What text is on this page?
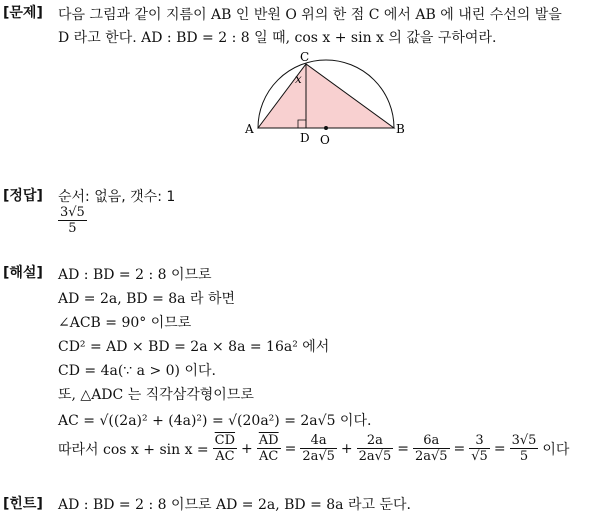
[문제] 다음 그림과 같이 지름이 AB 인 반원 O 위의 한 점 C 에서 AB 에 내린 수선의 발을
D 라고 한다. AD : BD = 2 : 8 일 때, cos x + sin x 의 값을 구하여라.
A	B
C
D O
x
[정답] 순서: 없음, 갯수: 1
$\frac{3√5}{5}$
[해설] AD : BD = 2 : 8 이므로
AD = 2a, BD = 8a 라 하면
∠ACB = 90° 이므로
CD² = AD × BD = 2a × 8a = 16a² 에서
CD = 4a(∵ a > 0) 이다.
또, △ADC 는 직각삼각형이므로
AC = √((2a)² + (4a)²) = √(20a²) = 2a√5 이다.
따라서 $\cos x + \sin x = \frac{\overline{CD}}{AC} + \frac{\overline{AD}}{AC} = \frac{4a}{2a√5} + \frac{2a}{2a√5} = \frac{6a}{2a√5} = \frac{3}{√5} = \frac{3√5}{5}$ 이다
[힌트] AD : BD = 2 : 8 이므로 AD = 2a, BD = 8a 라고 둔다.
